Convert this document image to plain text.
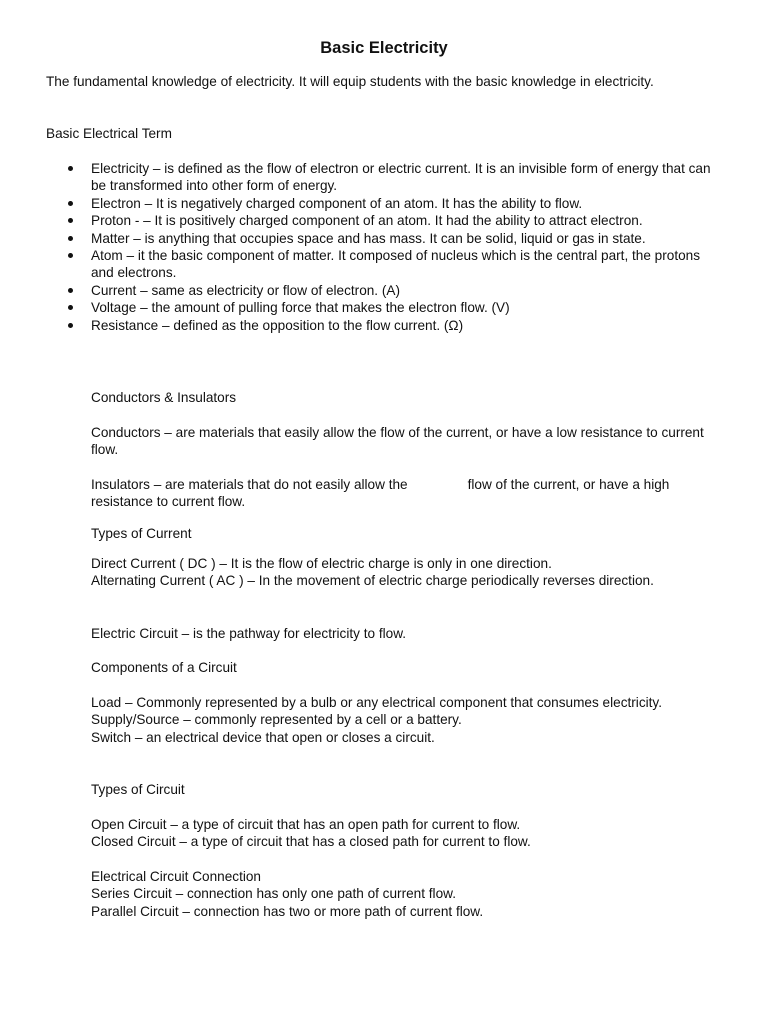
Basic Electricity
The fundamental knowledge of electricity. It will equip students with the basic knowledge in electricity.
Basic Electrical Term
Electricity – is defined as the flow of electron or electric current. It is an invisible form of energy that can be transformed into other form of energy.
Electron – It is negatively charged component of an atom. It has the ability to flow.
Proton - – It is positively charged component of an atom. It had the ability to attract electron.
Matter – is anything that occupies space and has mass. It can be solid, liquid or gas in state.
Atom – it the basic component of matter. It composed of nucleus which is the central part, the protons and electrons.
Current – same as electricity or flow of electron. (A)
Voltage – the amount of pulling force that makes the electron flow. (V)
Resistance – defined as the opposition to the flow current. (Ω)
Conductors & Insulators
Conductors – are materials that easily allow the flow of the current, or have a low resistance to current flow.
Insulators – are materials that do not easily allow the	flow of the current, or have a high resistance to current flow.
Types of Current
Direct Current ( DC ) – It is the flow of electric charge is only in one direction.
Alternating Current ( AC ) – In the movement of electric charge periodically reverses direction.
Electric Circuit – is the pathway for electricity to flow.
Components of a Circuit
Load – Commonly represented by a bulb or any electrical component that consumes electricity.
Supply/Source – commonly represented by a cell or a battery.
Switch – an electrical device that open or closes a circuit.
Types of Circuit
Open Circuit – a type of circuit that has an open path for current to flow.
Closed Circuit – a type of circuit that has a closed path for current to flow.
Electrical Circuit Connection
Series Circuit – connection has only one path of current flow.
Parallel Circuit – connection has two or more path of current flow.
